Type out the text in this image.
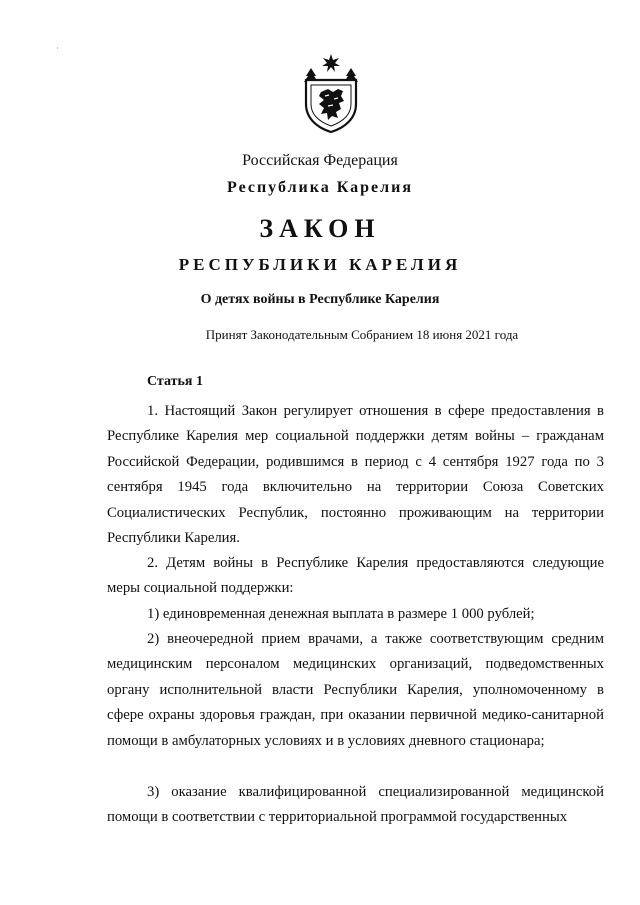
Российская Федерация
Республика Карелия
ЗАКОН
РЕСПУБЛИКИ КАРЕЛИЯ
О детях войны в Республике Карелия
Принят Законодательным Собранием 18 июня 2021 года
Статья 1

1. Настоящий Закон регулирует отношения в сфере предоставления в Республике Карелия мер социальной поддержки детям войны – гражданам Российской Федерации, родившимся в период с 4 сентября 1927 года по 3 сентября 1945 года включительно на территории Союза Советских Социалистических Республик, постоянно проживающим на территории Республики Карелия.

2. Детям войны в Республике Карелия предоставляются следующие меры социальной поддержки:

1) единовременная денежная выплата в размере 1 000 рублей;

2) внеочередной прием врачами, а также соответствующим средним медицинским персоналом медицинских организаций, подведомственных органу исполнительной власти Республики Карелия, уполномоченному в сфере охраны здоровья граждан, при оказании первичной медико-санитарной помощи в амбулаторных условиях и в условиях дневного стационара;

3) оказание квалифицированной специализированной медицинской помощи в соответствии с территориальной программой государственных
